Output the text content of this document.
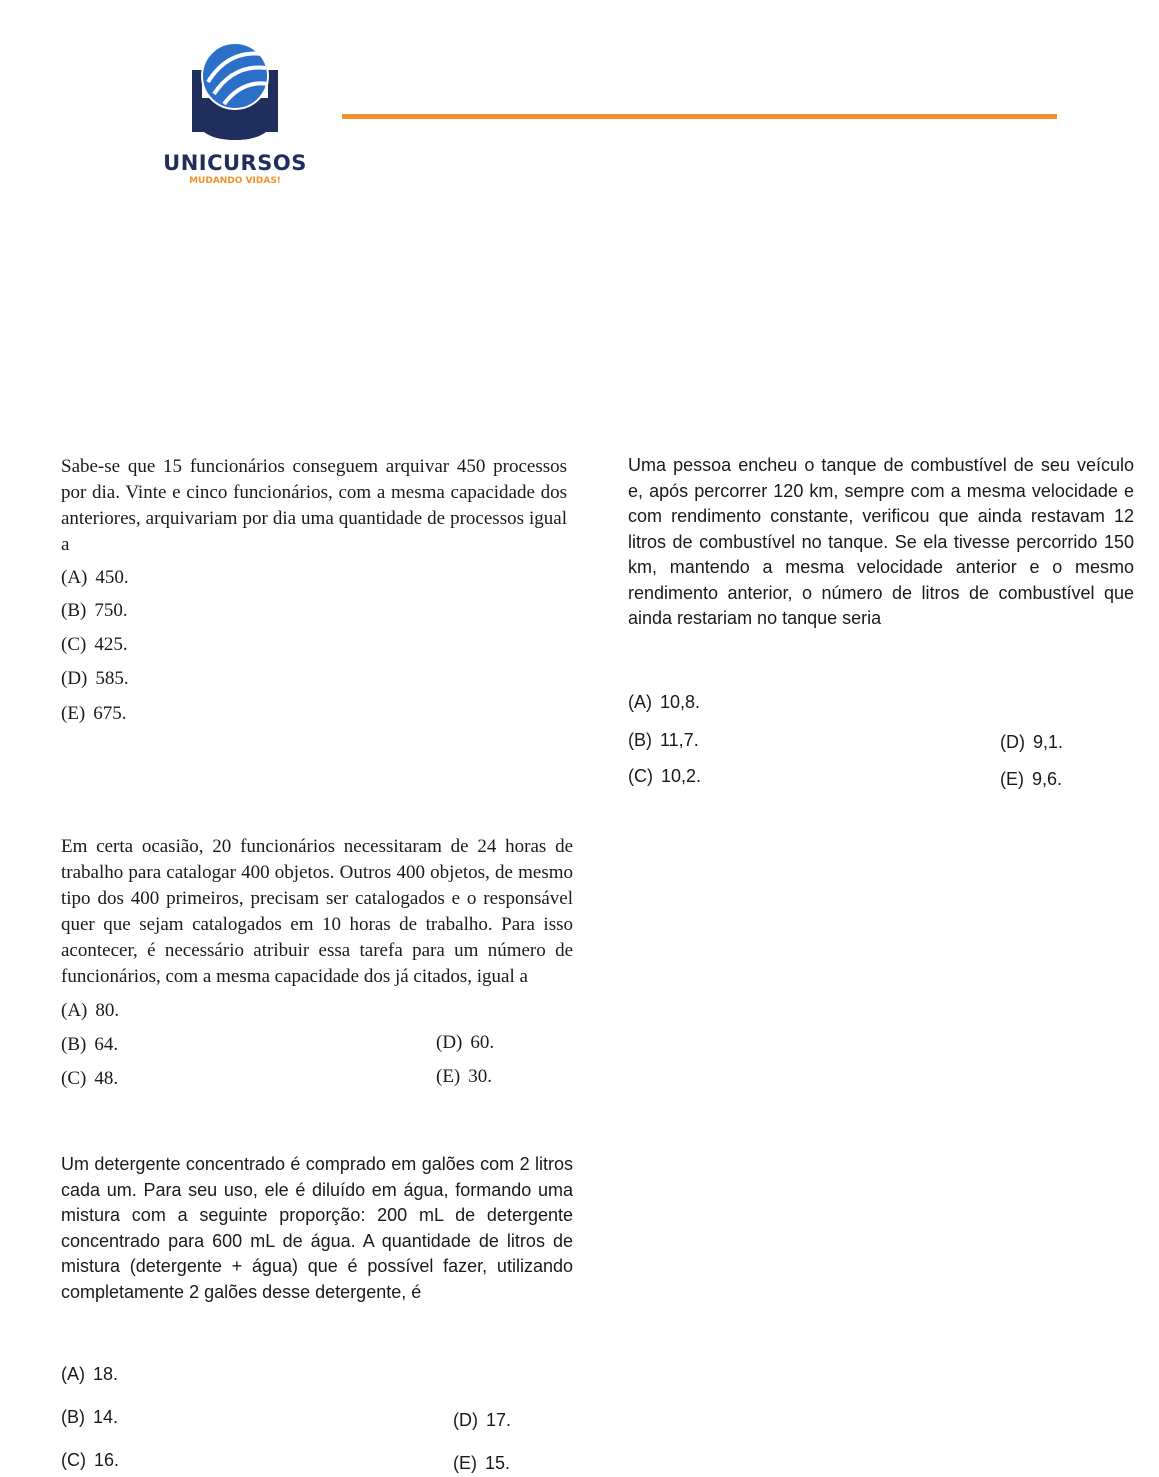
UNICURSOS
MUDANDO VIDAS!

Sabe-se que 15 funcionários conseguem arquivar 450 processos por dia. Vinte e cinco funcionários, com a mesma capacidade dos anteriores, arquivariam por dia uma quantidade de processos igual a

(A) 450.
(B) 750.
(C) 425.
(D) 585.
(E) 675.

Uma pessoa encheu o tanque de combustível de seu veículo e, após percorrer 120 km, sempre com a mesma velocidade e com rendimento constante, verificou que ainda restavam 12 litros de combustível no tanque. Se ela tivesse percorrido 150 km, mantendo a mesma velocidade anterior e o mesmo rendimento anterior, o número de litros de combustível que ainda restariam no tanque seria

(A) 10,8.
(B) 11,7.
(C) 10,2.
(D) 9,1.
(E) 9,6.

Em certa ocasião, 20 funcionários necessitaram de 24 horas de trabalho para catalogar 400 objetos. Outros 400 objetos, de mesmo tipo dos 400 primeiros, precisam ser catalogados e o responsável quer que sejam catalogados em 10 horas de trabalho. Para isso acontecer, é necessário atribuir essa tarefa para um número de funcionários, com a mesma capacidade dos já citados, igual a

(A) 80.
(B) 64.
(C) 48.
(D) 60.
(E) 30.

Um detergente concentrado é comprado em galões com 2 litros cada um. Para seu uso, ele é diluído em água, formando uma mistura com a seguinte proporção: 200 mL de detergente concentrado para 600 mL de água. A quantidade de litros de mistura (detergente + água) que é possível fazer, utilizando completamente 2 galões desse detergente, é

(A) 18.
(B) 14.
(C) 16.
(D) 17.
(E) 15.
